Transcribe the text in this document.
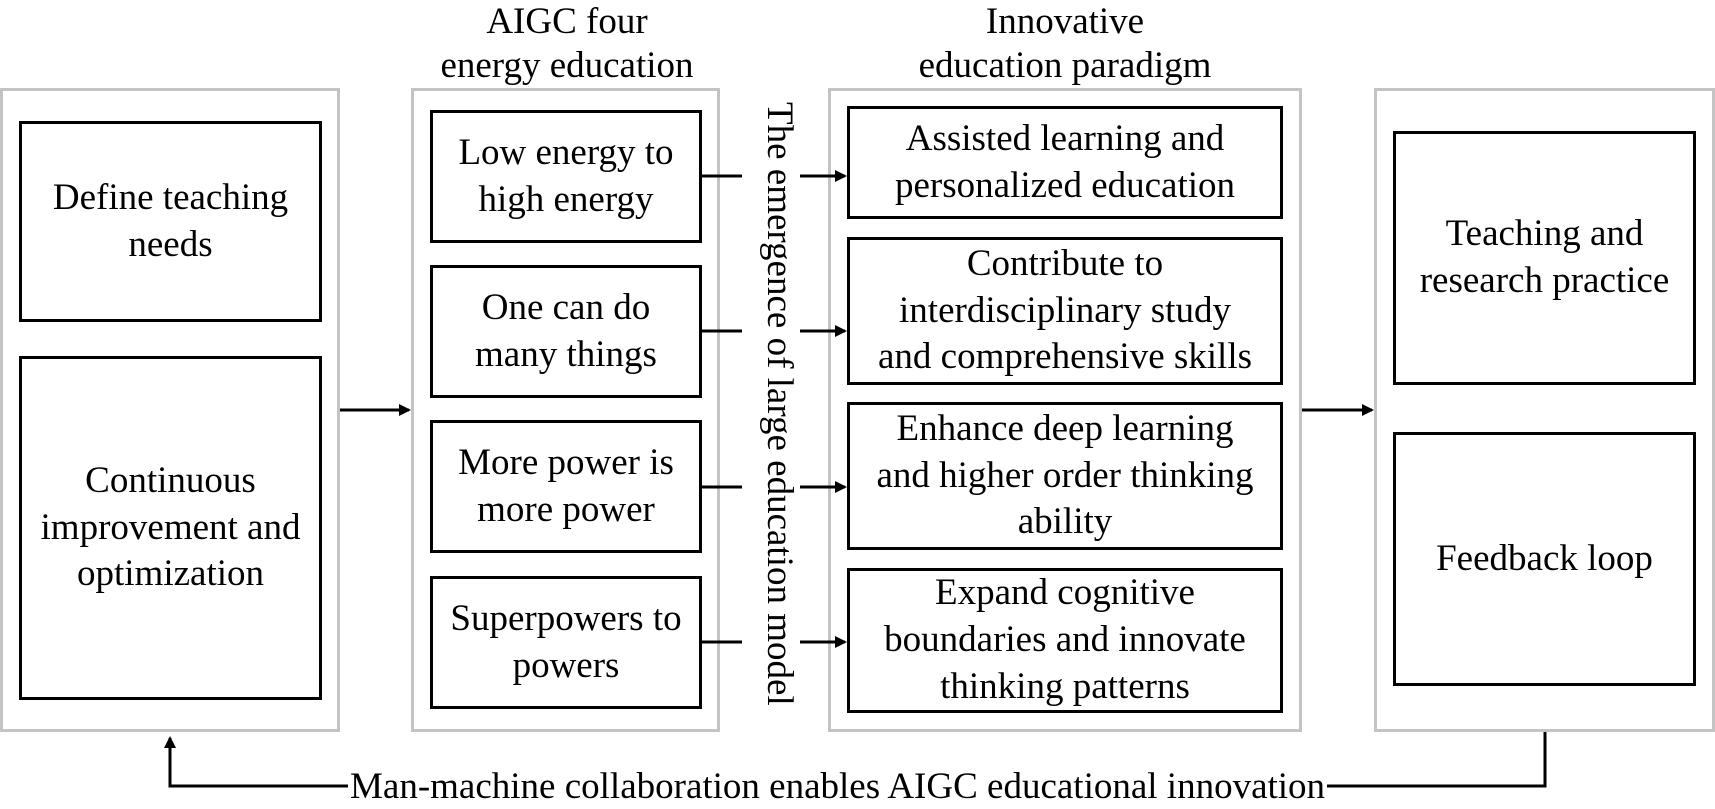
AIGC four
energy education
Innovative
education paradigm
Define teaching
needs
Continuous
improvement and
optimization
Low energy to
high energy
One can do
many things
More power is
more power
Superpowers to
powers	The emergence of large education model	Assisted learning and
personalized education
Contribute to
interdisciplinary study
and comprehensive skills
Enhance deep learning
and higher order thinking
ability
Expand cognitive
boundaries and innovate
thinking patterns
Teaching and
research practice
Feedback loop
Man-machine collaboration enables AIGC educational innovation
